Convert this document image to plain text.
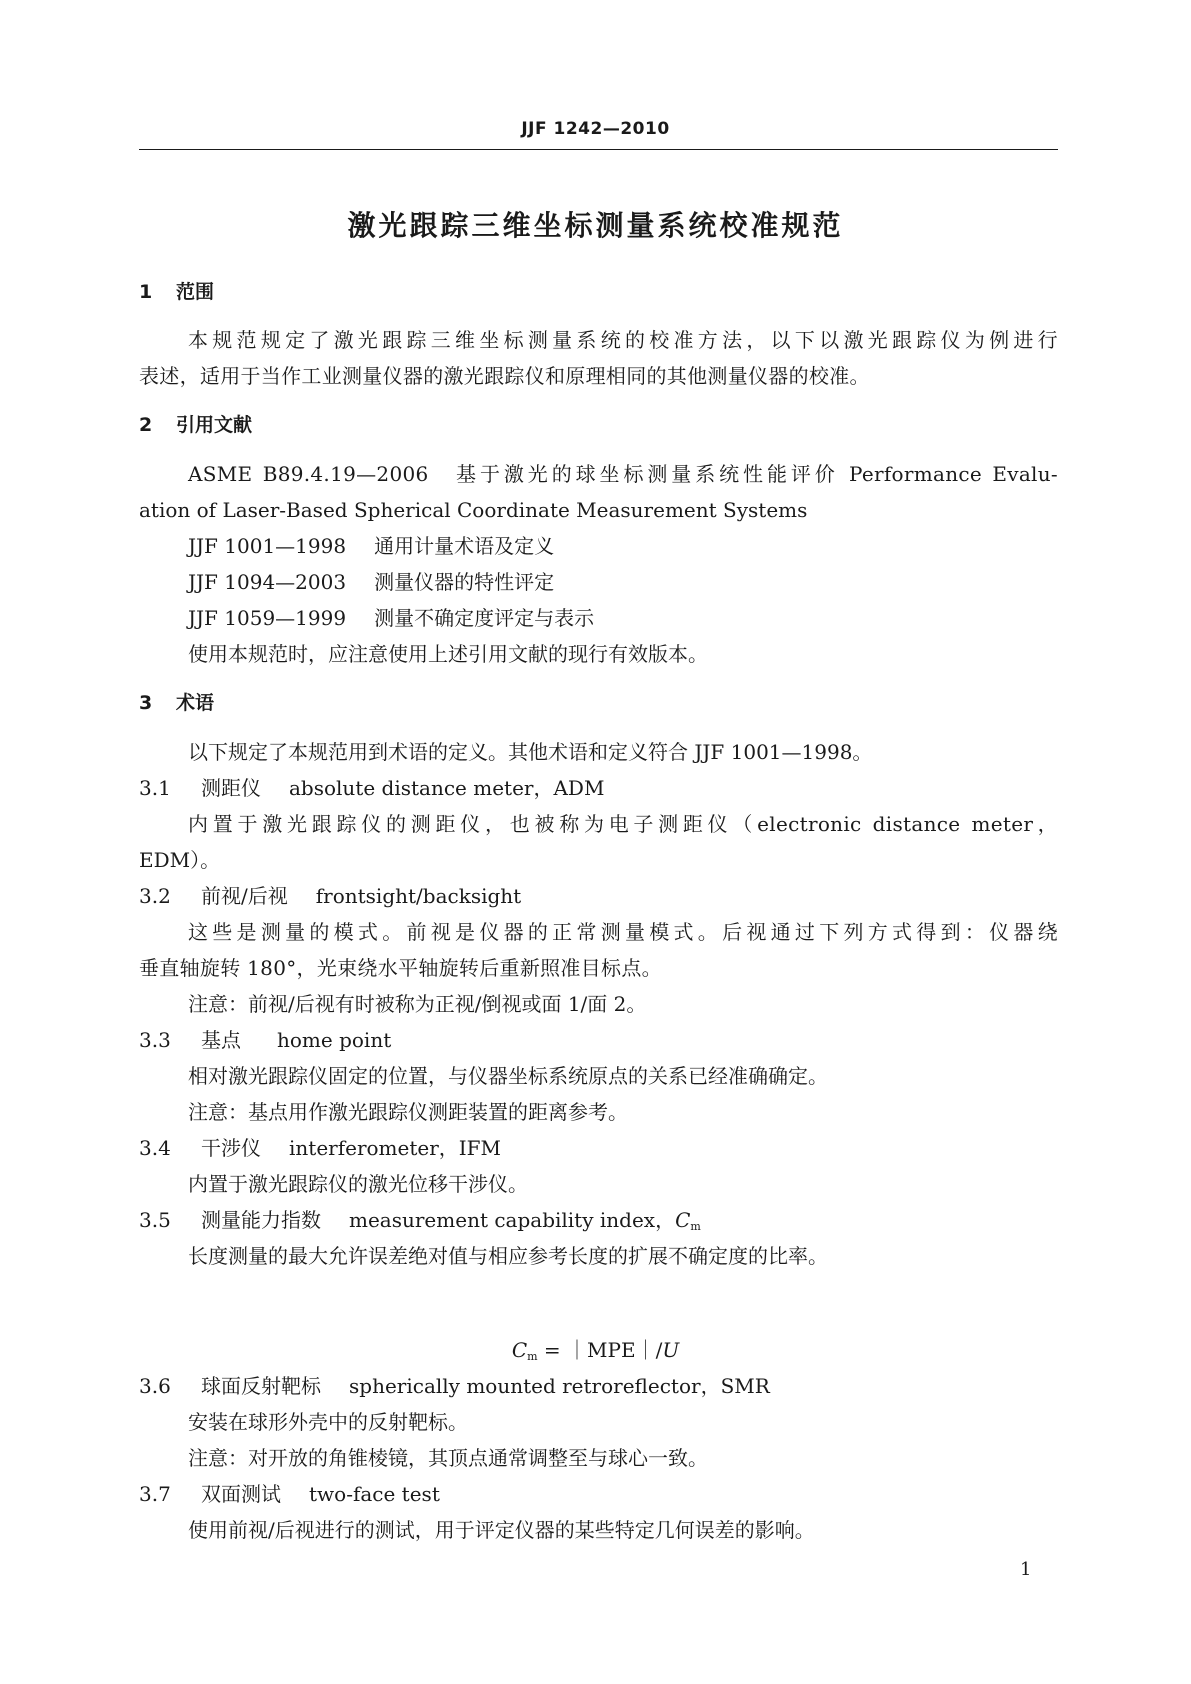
JJF 1242—2010
激光跟踪三维坐标测量系统校准规范
1 范围
本规范规定了激光跟踪三维坐标测量系统的校准方法，以下以激光跟踪仪为例进行
表述，适用于当作工业测量仪器的激光跟踪仪和原理相同的其他测量仪器的校准。
2 引用文献
ASME B89.4.19—2006　基于激光的球坐标测量系统性能评价 Performance Evalu-
ation of Laser-Based Spherical Coordinate Measurement Systems
JJF 1001—1998 通用计量术语及定义
JJF 1094—2003 测量仪器的特性评定
JJF 1059—1999 测量不确定度评定与表示
使用本规范时，应注意使用上述引用文献的现行有效版本。
3 术语
以下规定了本规范用到术语的定义。其他术语和定义符合 JJF 1001—1998。
3.1 测距仪 absolute distance meter，ADM
内置于激光跟踪仪的测距仪，也被称为电子测距仪（electronic distance meter，
EDM）。
3.2 前视/后视 frontsight/backsight
这些是测量的模式。前视是仪器的正常测量模式。后视通过下列方式得到：仪器绕
垂直轴旋转 180°，光束绕水平轴旋转后重新照准目标点。
注意：前视/后视有时被称为正视/倒视或面 1/面 2。
3.3 基点 home point
相对激光跟踪仪固定的位置，与仪器坐标系统原点的关系已经准确确定。
注意：基点用作激光跟踪仪测距装置的距离参考。
3.4 干涉仪 interferometer，IFM
内置于激光跟踪仪的激光位移干涉仪。
3.5 测量能力指数 measurement capability index，$C_m$
长度测量的最大允许误差绝对值与相应参考长度的扩展不确定度的比率。
$C_m$ = ｜MPE｜/U
3.6 球面反射靶标 spherically mounted retroreflector，SMR
安装在球形外壳中的反射靶标。
注意：对开放的角锥棱镜，其顶点通常调整至与球心一致。
3.7 双面测试 two-face test
使用前视/后视进行的测试，用于评定仪器的某些特定几何误差的影响。
1
